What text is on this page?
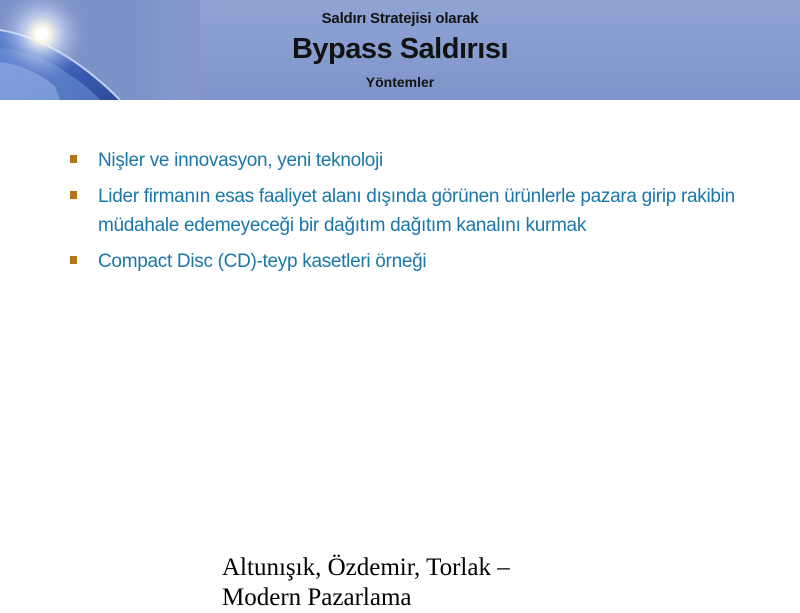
Saldırı Stratejisi olarak
Bypass Saldırısı
Yöntemler
Nişler ve innovasyon, yeni teknoloji
Lider firmanın esas faaliyet alanı dışında görünen ürünlerle pazara girip rakibin müdahale edemeyeceği bir dağıtım dağıtım kanalını kurmak
Compact Disc (CD)-teyp kasetleri örneği
Altunışık, Özdemir, Torlak – Modern Pazarlama
